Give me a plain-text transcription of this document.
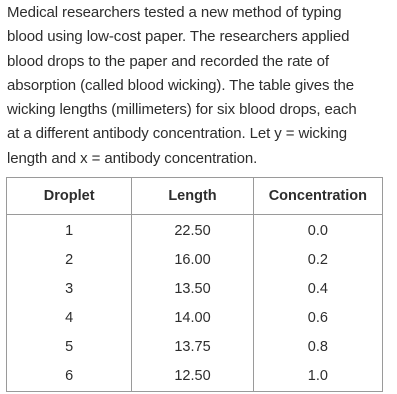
Medical researchers tested a new method of typing
blood using low-cost paper. The researchers applied
blood drops to the paper and recorded the rate of
absorption (called blood wicking). The table gives the
wicking lengths (millimeters) for six blood drops, each
at a different antibody concentration. Let y = wicking
length and x = antibody concentration.

Droplet	Length	Concentration
1	22.50	0.0
2	16.00	0.2
3	13.50	0.4
4	14.00	0.6
5	13.75	0.8
6	12.50	1.0
